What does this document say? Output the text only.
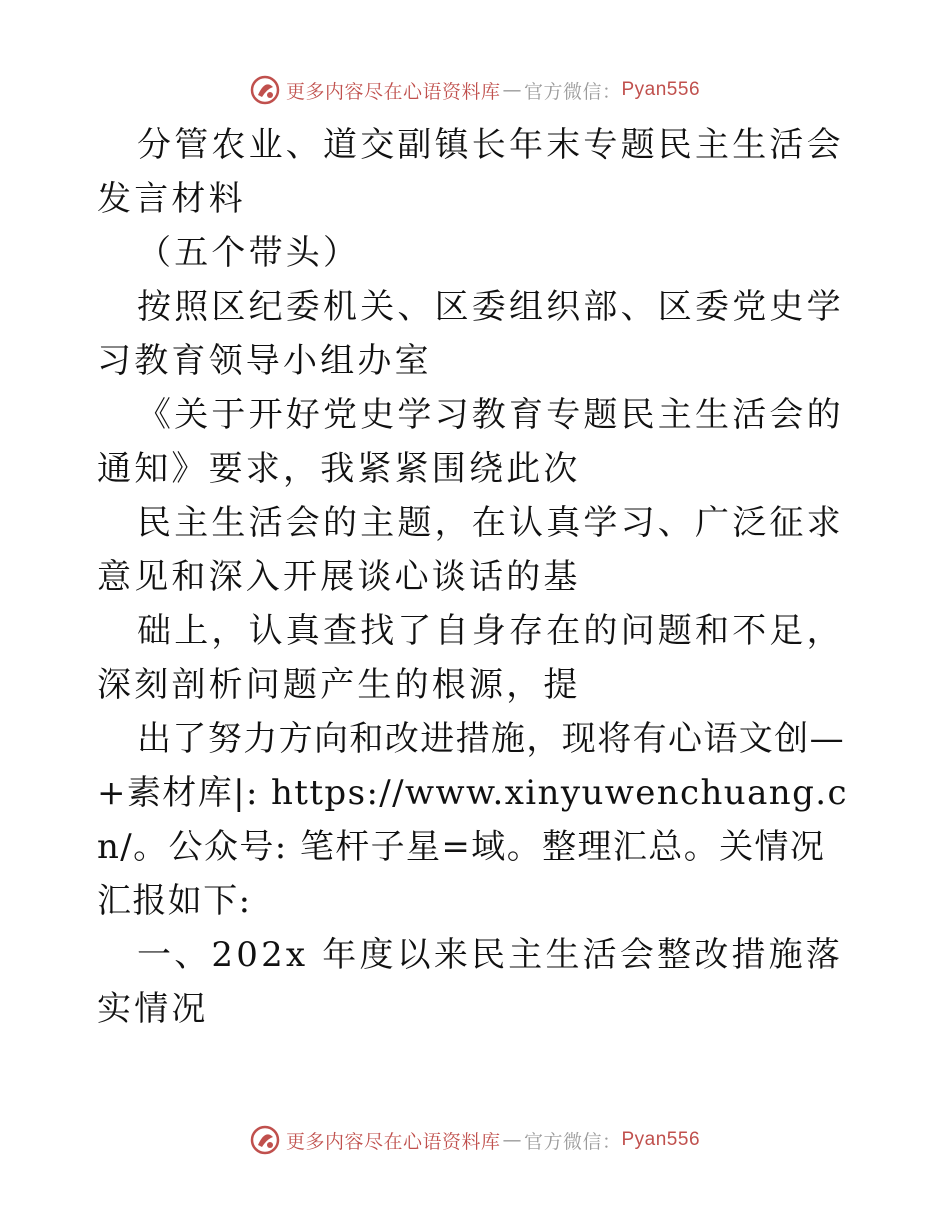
更多内容尽在心语资料库 — 官方微信： Pyan556

分管农业、道交副镇长年末专题民主生活会发言材料

（五个带头）

按照区纪委机关、区委组织部、区委党史学习教育领导小组办室

《关于开好党史学习教育专题民主生活会的通知》要求，我紧紧围绕此次

民主生活会的主题，在认真学习、广泛征求意见和深入开展谈心谈话的基

础上，认真查找了自身存在的问题和不足，深刻剖析问题产生的根源，提

出了努力方向和改进措施，现将有心语文创—+素材库|: https://www.xinyuwenchuang.cn/。公众号: 笔杆子星=域。整理汇总。关情况汇报如下:

一、202x 年度以来民主生活会整改措施落实情况

更多内容尽在心语资料库 — 官方微信： Pyan556
